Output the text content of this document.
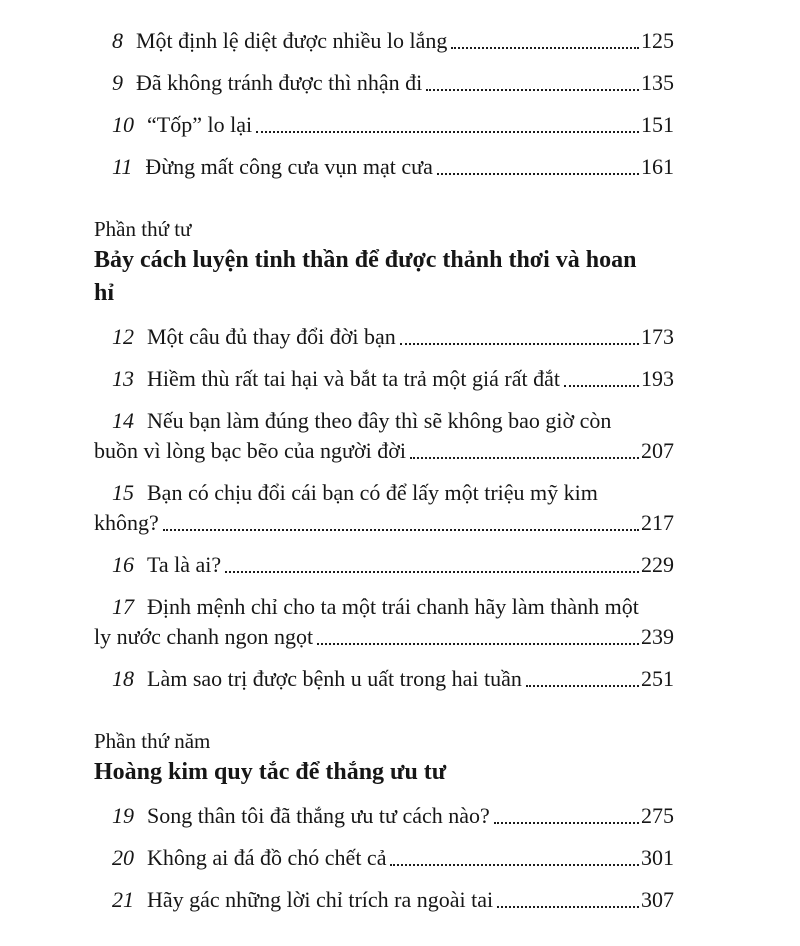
8 Một định lệ diệt được nhiều lo lắng	125
9 Đã không tránh được thì nhận đi	135
10 “Tốp” lo lại	151
11 Đừng mất công cưa vụn mạt cưa	161
Phần thứ tư
Bảy cách luyện tinh thần để được thảnh thơi và hoan
hỉ
12 Một câu đủ thay đổi đời bạn	173
13 Hiềm thù rất tai hại và bắt ta trả một giá rất đắt	193
14 Nếu bạn làm đúng theo đây thì sẽ không bao giờ còn
buồn vì lòng bạc bẽo của người đời	207
15 Bạn có chịu đổi cái bạn có để lấy một triệu mỹ kim
không?	217
16 Ta là ai?	229
17 Định mệnh chỉ cho ta một trái chanh hãy làm thành một
ly nước chanh ngon ngọt	239
18 Làm sao trị được bệnh u uất trong hai tuần	251
Phần thứ năm
Hoàng kim quy tắc để thắng ưu tư
19 Song thân tôi đã thắng ưu tư cách nào?	275
20 Không ai đá đồ chó chết cả	301
21 Hãy gác những lời chỉ trích ra ngoài tai	307
